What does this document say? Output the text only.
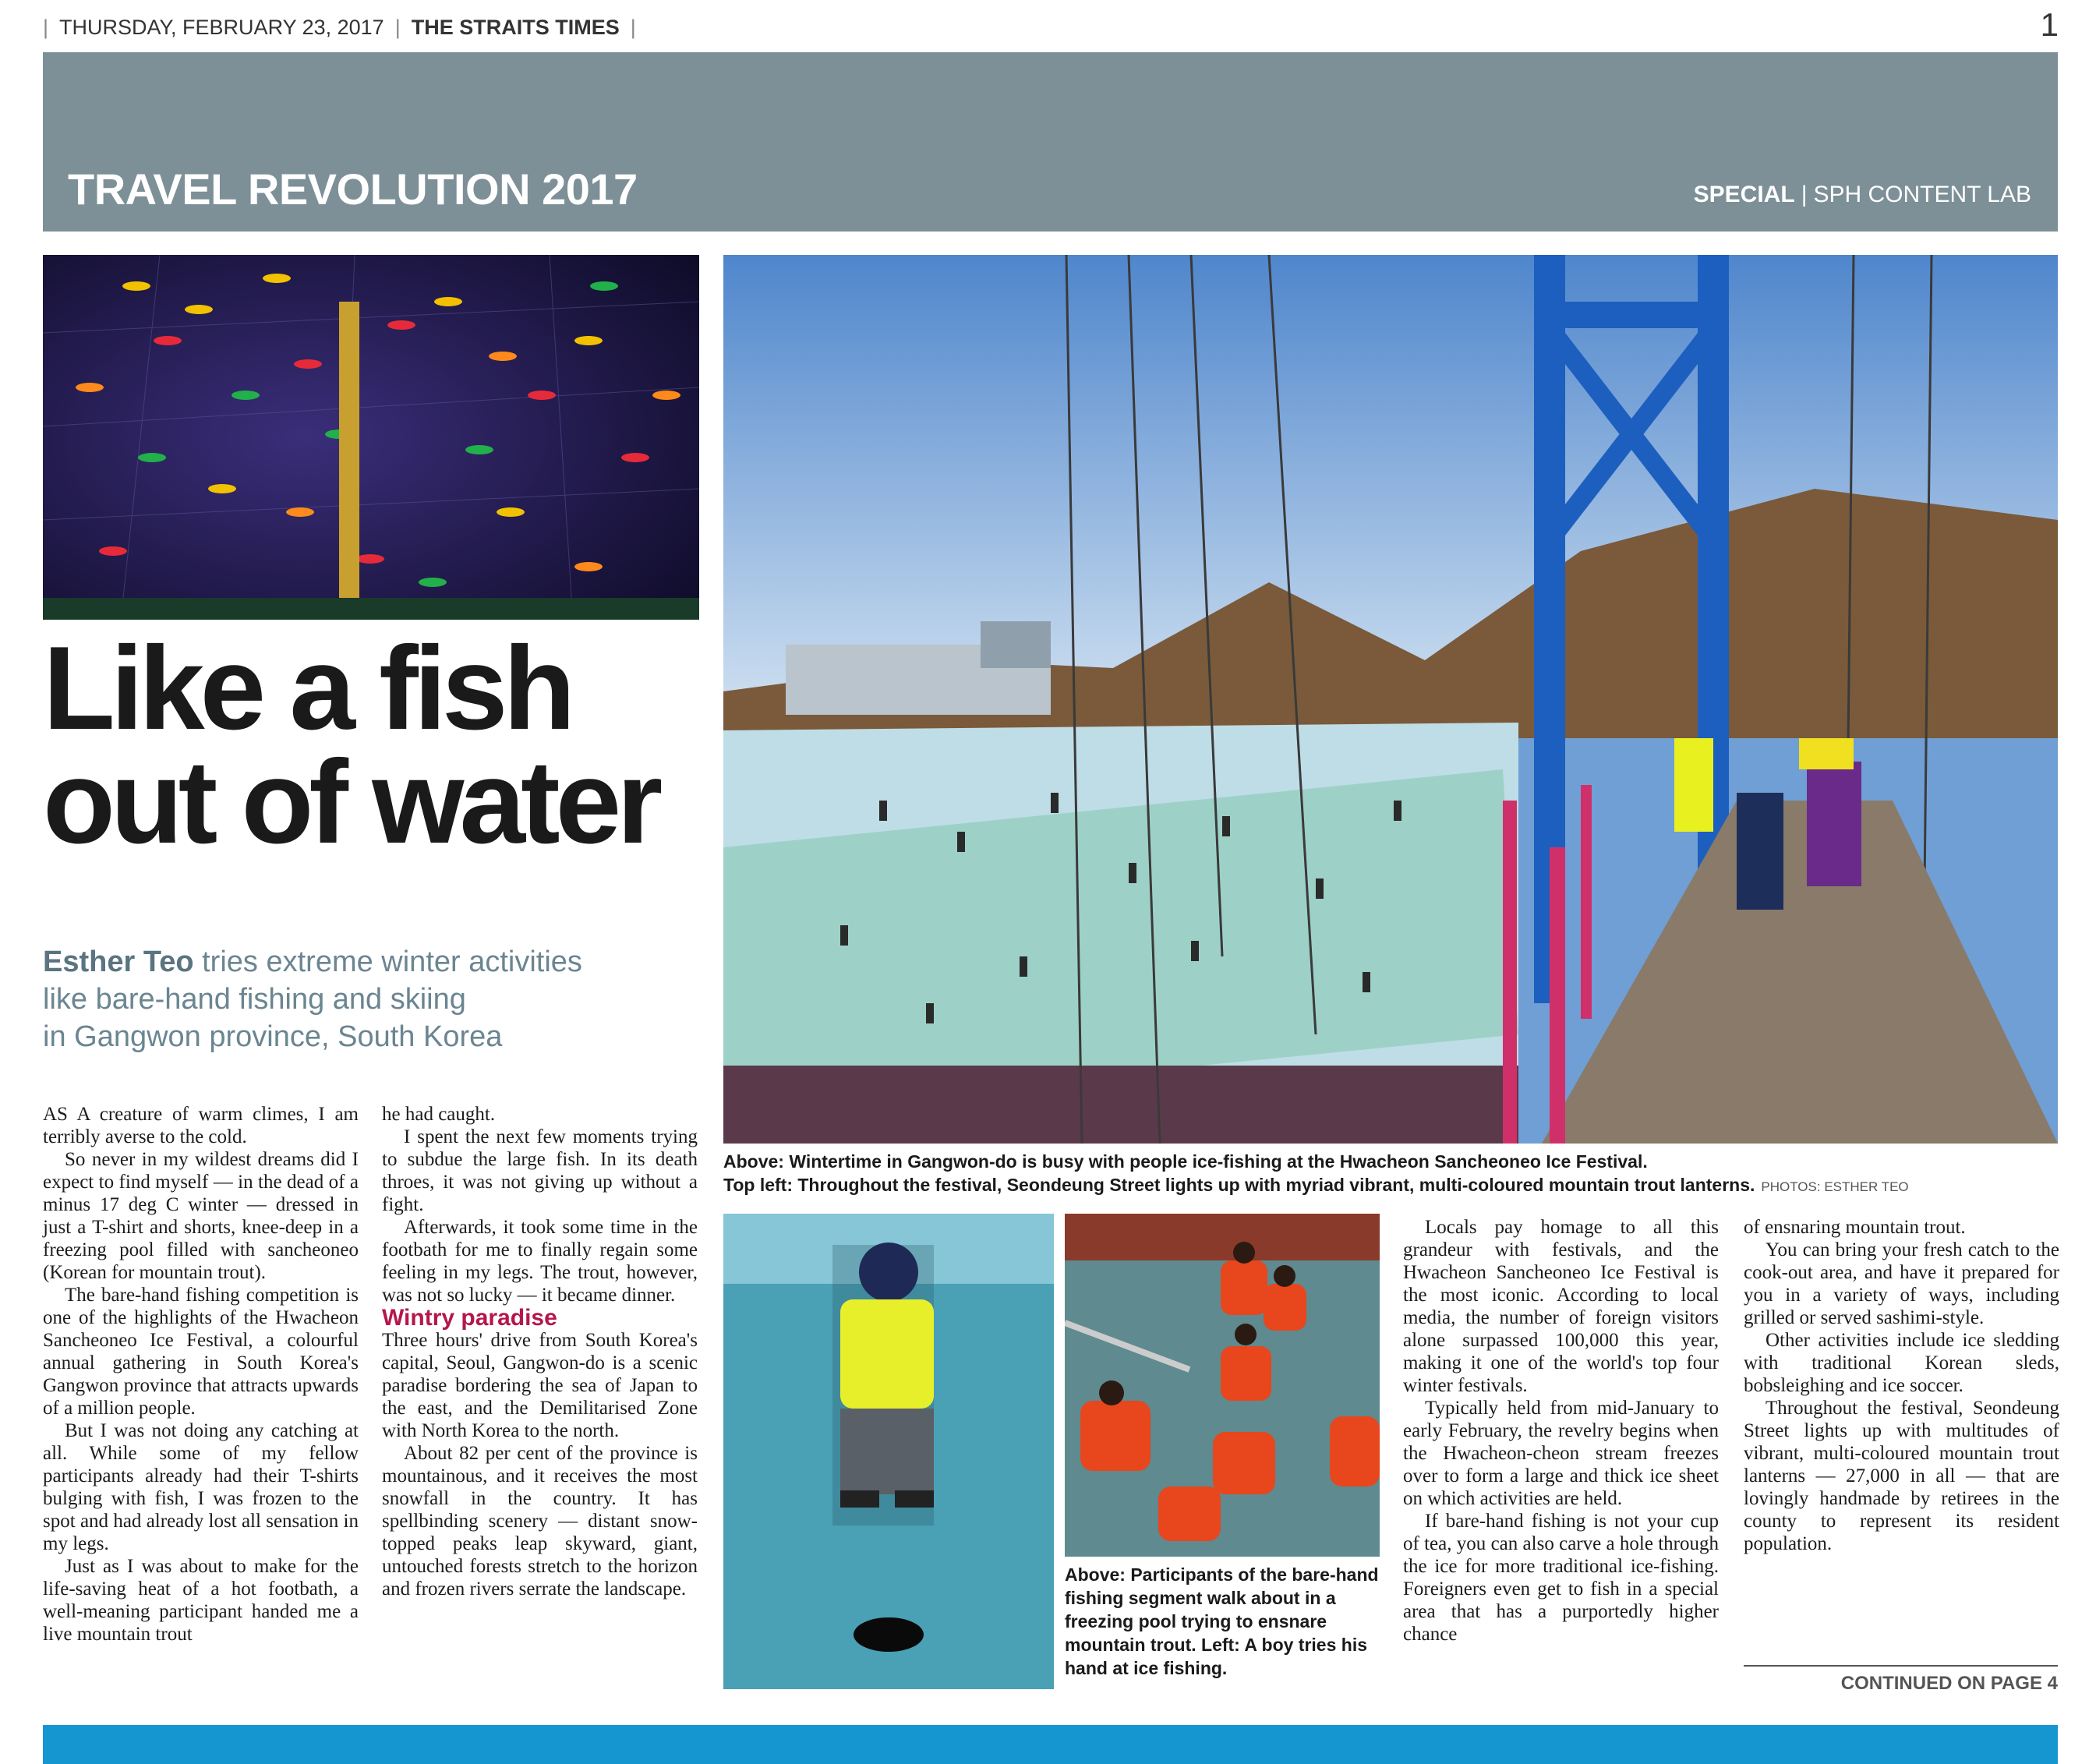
| THURSDAY, FEBRUARY 23, 2017 | THE STRAITS TIMES |	1
TRAVEL REVOLUTION 2017	SPECIAL | SPH CONTENT LAB
Above: Wintertime in Gangwon-do is busy with people ice-fishing at the Hwacheon Sancheoneo Ice Festival.
Top left: Throughout the festival, Seondeung Street lights up with myriad vibrant, multi-coloured mountain trout lanterns. PHOTOS: ESTHER TEO
Above: Participants of the bare-hand fishing segment walk about in a freezing pool trying to ensnare mountain trout. Left: A boy tries his hand at ice fishing.
Like a fish
out of water
Esther Teo tries extreme winter activities
like bare-hand fishing and skiing
in Gangwon province, South Korea

AS A creature of warm climes, I am terribly averse to the cold.

So never in my wildest dreams did I expect to find myself — in the dead of a minus 17 deg C winter — dressed in just a T-shirt and shorts, knee-deep in a freezing pool filled with sancheoneo (Korean for mountain trout).

The bare-hand fishing competition is one of the highlights of the Hwacheon Sancheoneo Ice Festival, a colourful annual gathering in South Korea's Gangwon province that attracts upwards of a million people.

But I was not doing any catching at all. While some of my fellow participants already had their T-shirts bulging with fish, I was frozen to the spot and had already lost all sensation in my legs.

Just as I was about to make for the life-saving heat of a hot footbath, a well-meaning participant handed me a live mountain trout

he had caught.

I spent the next few moments trying to subdue the large fish. In its death throes, it was not giving up without a fight.

Afterwards, it took some time in the footbath for me to finally regain some feeling in my legs. The trout, however, was not so lucky — it became dinner.

Wintry paradise

Three hours' drive from South Korea's capital, Seoul, Gangwon-do is a scenic paradise bordering the sea of Japan to the east, and the Demilitarised Zone with North Korea to the north.

About 82 per cent of the province is mountainous, and it receives the most snowfall in the country. It has spellbinding scenery — distant snow-topped peaks leap skyward, giant, untouched forests stretch to the horizon and frozen rivers serrate the landscape.

Locals pay homage to all this grandeur with festivals, and the Hwacheon Sancheoneo Ice Festival is the most iconic. According to local media, the number of foreign visitors alone surpassed 100,000 this year, making it one of the world's top four winter festivals.

Typically held from mid-January to early February, the revelry begins when the Hwacheon-cheon stream freezes over to form a large and thick ice sheet on which activities are held.

If bare-hand fishing is not your cup of tea, you can also carve a hole through the ice for more traditional ice-fishing. Foreigners even get to fish in a special area that has a purportedly higher chance

of ensnaring mountain trout.

You can bring your fresh catch to the cook-out area, and have it prepared for you in a variety of ways, including grilled or served sashimi-style.

Other activities include ice sledding with traditional Korean sleds, bobsleighing and ice soccer.

Throughout the festival, Seondeung Street lights up with multitudes of vibrant, multi-coloured mountain trout lanterns — 27,000 in all — that are lovingly handmade by retirees in the county to represent its resident population.

CONTINUED ON PAGE 4
